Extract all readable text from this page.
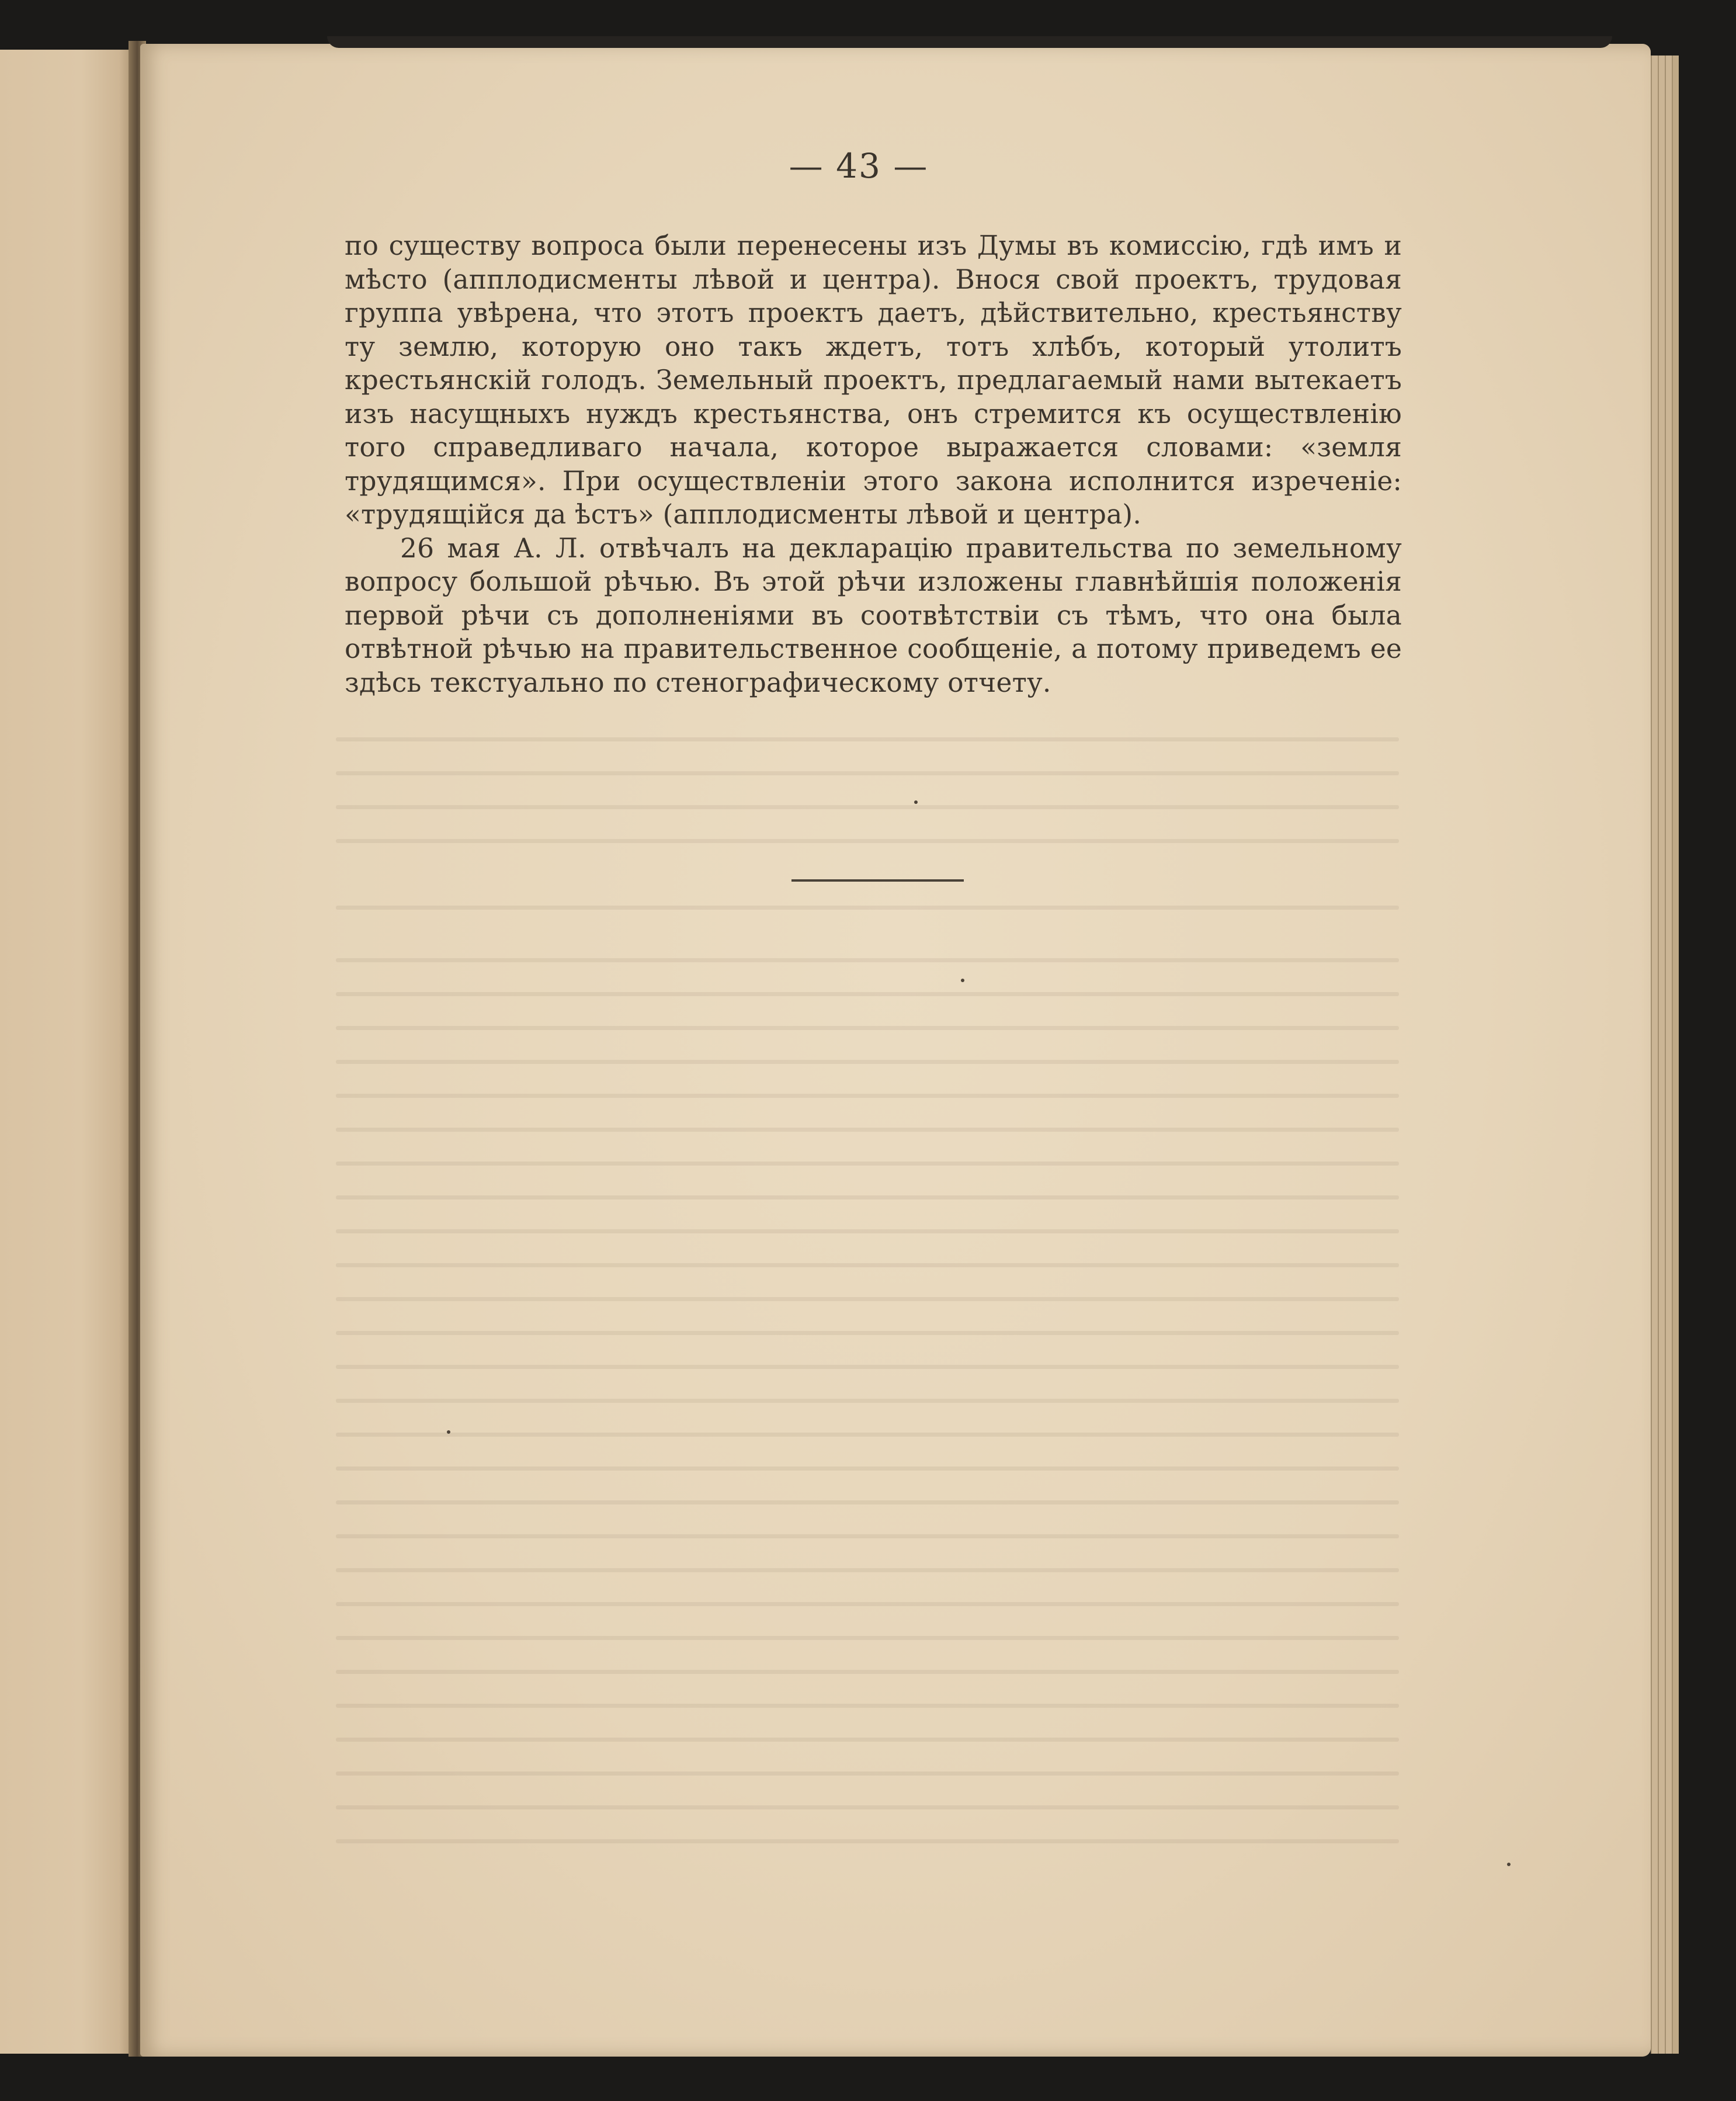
— 43 —

по существу вопроса были перенесены изъ Думы въ комиссію, гдѣ имъ и мѣсто (апплодисменты лѣвой и центра). Внося свой проектъ, трудовая группа увѣрена, что этотъ проектъ даетъ, дѣйствительно, крестьянству ту землю, которую оно такъ ждетъ, тотъ хлѣбъ, который утолитъ крестьянскій голодъ. Земельный проектъ, предлагаемый нами вытекаетъ изъ насущныхъ нуждъ крестьянства, онъ стремится къ осуществленію того справедливаго начала, которое выражается словами: «земля трудящимся». При осуществленіи этого закона исполнится изреченіе: «трудящійся да ѣстъ» (апплодисменты лѣвой и центра).

26 мая А. Л. отвѣчалъ на декларацію правительства по земельному вопросу большой рѣчью. Въ этой рѣчи изложены главнѣйшія положенія первой рѣчи съ дополненіями въ соотвѣтствіи съ тѣмъ, что она была отвѣтной рѣчью на правительственное сообщеніе, а потому приведемъ ее здѣсь текстуально по стенографическому отчету.
